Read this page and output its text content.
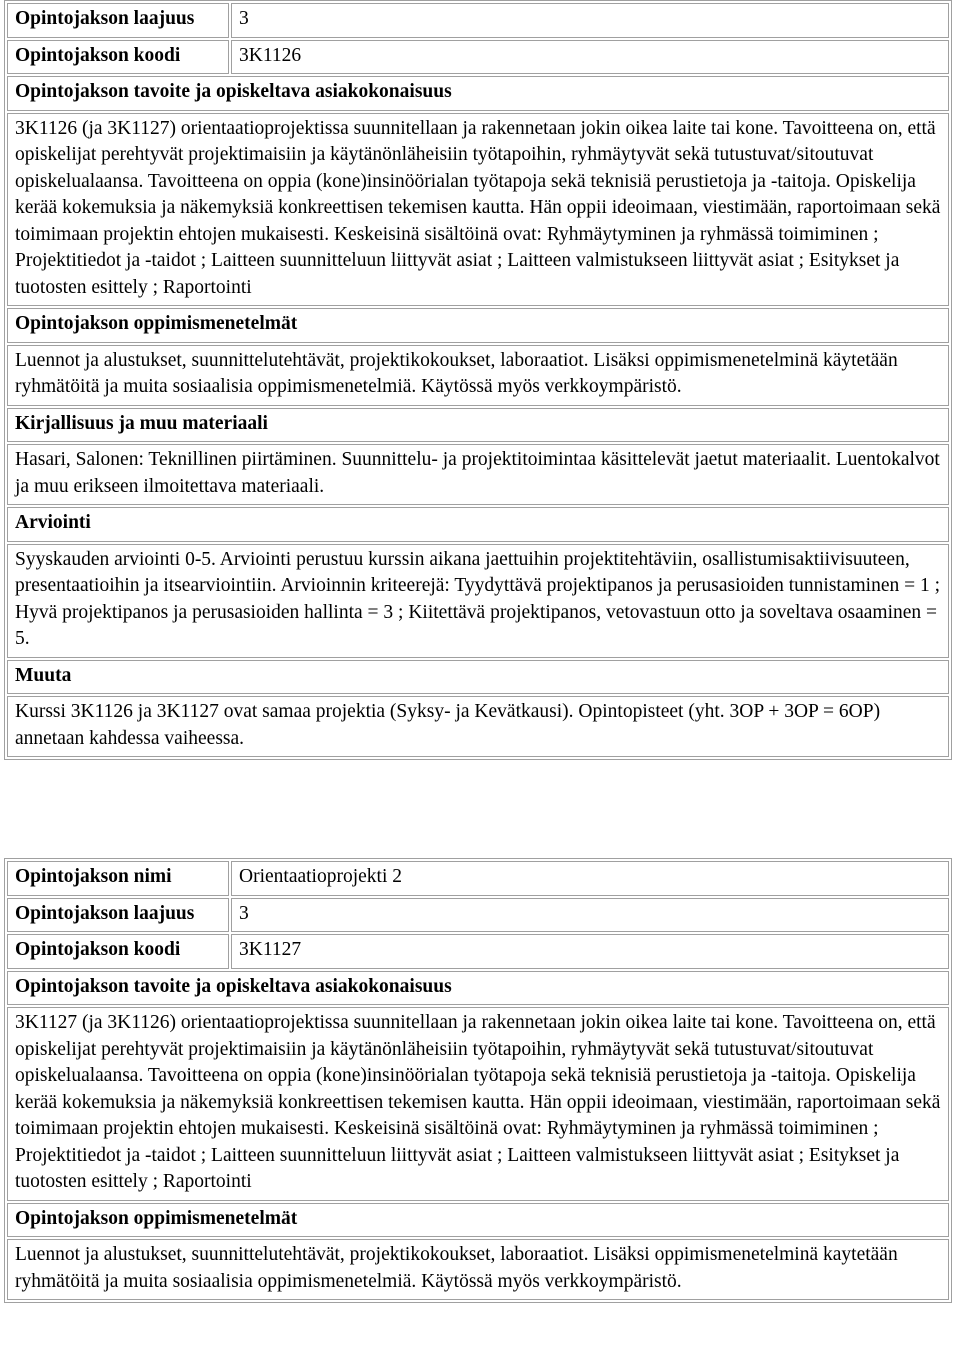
Opintojakson laajuus	3
Opintojakson koodi	3K1126
Opintojakson tavoite ja opiskeltava asiakokonaisuus	
3K1126 (ja 3K1127) orientaatioprojektissa suunnitellaan ja rakennetaan jokin oikea laite tai kone. Tavoitteena on, että opiskelijat perehtyvät projektimaisiin ja käytänönläheisiin työtapoihin, ryhmäytyvät sekä tutustuvat/sitoutuvat opiskelualaansa. Tavoitteena on oppia (kone)insinöörialan työtapoja sekä teknisiä perustietoja ja -taitoja. Opiskelija kerää kokemuksia ja näkemyksiä konkreettisen tekemisen kautta. Hän oppii ideoimaan, viestimään, raportoimaan sekä toimimaan projektin ehtojen mukaisesti. Keskeisinä sisältöinä ovat: Ryhmäytyminen ja ryhmässä toimiminen ; Projektitiedot ja -taidot ; Laitteen suunnitteluun liittyvät asiat ; Laitteen valmistukseen liittyvät asiat ; Esitykset ja tuotosten esittely ; Raportointi	
Opintojakson oppimismenetelmät	
Luennot ja alustukset, suunnittelutehtävät, projektikokoukset, laboraatiot. Lisäksi oppimismenetelminä käytetään ryhmätöitä ja muita sosiaalisia oppimismenetelmiä. Käytössä myös verkkoympäristö.	
Kirjallisuus ja muu materiaali	
Hasari, Salonen: Teknillinen piirtäminen. Suunnittelu- ja projektitoimintaa käsittelevät jaetut materiaalit. Luentokalvot ja muu erikseen ilmoitettava materiaali.	
Arviointi	
Syyskauden arviointi 0-5. Arviointi perustuu kurssin aikana jaettuihin projektitehtäviin, osallistumisaktiivisuuteen, presentaatioihin ja itsearviointiin. Arvioinnin kriteerejä: Tyydyttävä projektipanos ja perusasioiden tunnistaminen = 1 ; Hyvä projektipanos ja perusasioiden hallinta = 3 ; Kiitettävä projektipanos, vetovastuun otto ja soveltava osaaminen = 5.	
Muuta	
Kurssi 3K1126 ja 3K1127 ovat samaa projektia (Syksy- ja Kevätkausi). Opintopisteet (yht. 3OP + 3OP = 6OP) annetaan kahdessa vaiheessa.	
Opintojakson nimi	Orientaatioprojekti 2
Opintojakson laajuus	3
Opintojakson koodi	3K1127
Opintojakson tavoite ja opiskeltava asiakokonaisuus	
3K1127 (ja 3K1126) orientaatioprojektissa suunnitellaan ja rakennetaan jokin oikea laite tai kone. Tavoitteena on, että opiskelijat perehtyvät projektimaisiin ja käytänönläheisiin työtapoihin, ryhmäytyvät sekä tutustuvat/sitoutuvat opiskelualaansa. Tavoitteena on oppia (kone)insinöörialan työtapoja sekä teknisiä perustietoja ja -taitoja. Opiskelija kerää kokemuksia ja näkemyksiä konkreettisen tekemisen kautta. Hän oppii ideoimaan, viestimään, raportoimaan sekä toimimaan projektin ehtojen mukaisesti. Keskeisinä sisältöinä ovat: Ryhmäytyminen ja ryhmässä toimiminen ; Projektitiedot ja -taidot ; Laitteen suunnitteluun liittyvät asiat ; Laitteen valmistukseen liittyvät asiat ; Esitykset ja tuotosten esittely ; Raportointi	
Opintojakson oppimismenetelmät	
Luennot ja alustukset, suunnittelutehtävät, projektikokoukset, laboraatiot. Lisäksi oppimismenetelminä kaytetään ryhmätöitä ja muita sosiaalisia oppimismenetelmiä. Käytössä myös verkkoympäristö.	
